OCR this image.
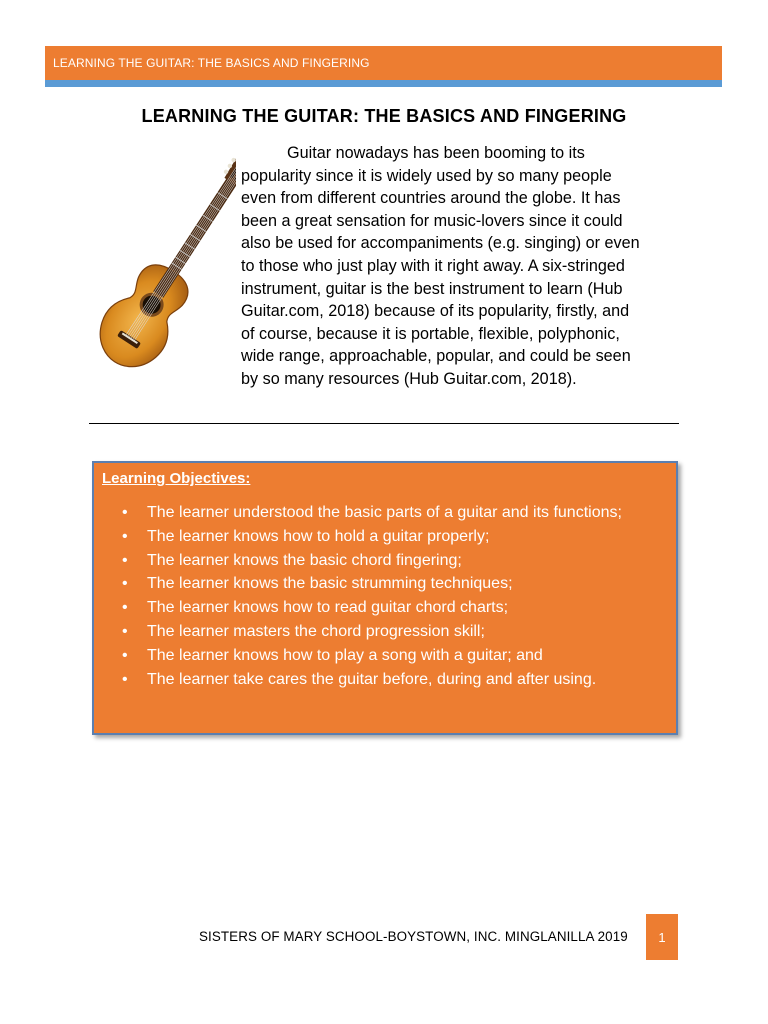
LEARNING THE GUITAR: THE BASICS AND FINGERING
LEARNING THE GUITAR: THE BASICS AND FINGERING

Guitar nowadays has been booming to its
popularity since it is widely used by so many people
even from different countries around the globe. It has
been a great sensation for music-lovers since it could
also be used for accompaniments (e.g. singing) or even
to those who just play with it right away. A six-stringed
instrument, guitar is the best instrument to learn (Hub
Guitar.com, 2018) because of its popularity, firstly, and
of course, because it is portable, flexible, polyphonic,
wide range, approachable, popular, and could be seen
by so many resources (Hub Guitar.com, 2018).

Learning Objectives:
• The learner understood the basic parts of a guitar and its functions;
• The learner knows how to hold a guitar properly;
• The learner knows the basic chord fingering;
• The learner knows the basic strumming techniques;
• The learner knows how to read guitar chord charts;
• The learner masters the chord progression skill;
• The learner knows how to play a song with a guitar; and
• The learner take cares the guitar before, during and after using.
SISTERS OF MARY SCHOOL-BOYSTOWN, INC. MINGLANILLA 2019 1
